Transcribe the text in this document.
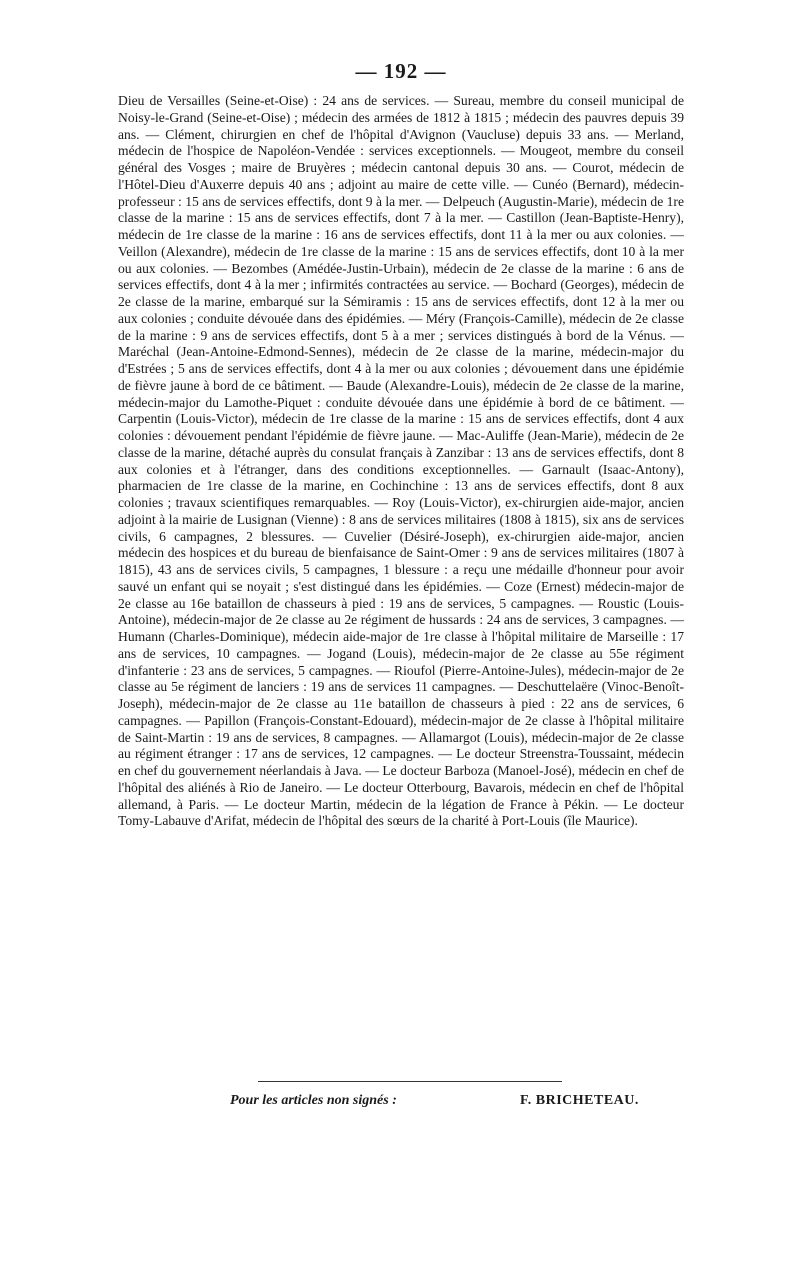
— 192 —

Dieu de Versailles (Seine-et-Oise) : 24 ans de services. — Sureau, membre du conseil municipal de Noisy-le-Grand (Seine-et-Oise) ; médecin des armées de 1812 à 1815 ; médecin des pauvres depuis 39 ans. — Clément, chirurgien en chef de l'hôpital d'Avignon (Vaucluse) depuis 33 ans. — Merland, médecin de l'hospice de Napoléon-Vendée : services exceptionnels. — Mougeot, membre du conseil général des Vosges ; maire de Bruyères ; médecin cantonal depuis 30 ans. — Courot, médecin de l'Hôtel-Dieu d'Auxerre depuis 40 ans ; adjoint au maire de cette ville. — Cunéo (Bernard), médecin-professeur : 15 ans de services effectifs, dont 9 à la mer. — Delpeuch (Augustin-Marie), médecin de 1re classe de la marine : 15 ans de services effectifs, dont 7 à la mer. — Castillon (Jean-Baptiste-Henry), médecin de 1re classe de la marine : 16 ans de services effectifs, dont 11 à la mer ou aux colonies. — Veillon (Alexandre), médecin de 1re classe de la marine : 15 ans de services effectifs, dont 10 à la mer ou aux colonies. — Bezombes (Amédée-Justin-Urbain), médecin de 2e classe de la marine : 6 ans de services effectifs, dont 4 à la mer ; infirmités contractées au service. — Bochard (Georges), médecin de 2e classe de la marine, embarqué sur la Sémiramis : 15 ans de services effectifs, dont 12 à la mer ou aux colonies ; conduite dévouée dans des épidémies. — Méry (François-Camille), médecin de 2e classe de la marine : 9 ans de services effectifs, dont 5 à a mer ; services distingués à bord de la Vénus. — Maréchal (Jean-Antoine-Edmond-Sennes), médecin de 2e classe de la marine, médecin-major du d'Estrées ; 5 ans de services effectifs, dont 4 à la mer ou aux colonies ; dévouement dans une épidémie de fièvre jaune à bord de ce bâtiment. — Baude (Alexandre-Louis), médecin de 2e classe de la marine, médecin-major du Lamothe-Piquet : conduite dévouée dans une épidémie à bord de ce bâtiment. — Carpentin (Louis-Victor), médecin de 1re classe de la marine : 15 ans de services effectifs, dont 4 aux colonies : dévouement pendant l'épidémie de fièvre jaune. — Mac-Auliffe (Jean-Marie), médecin de 2e classe de la marine, détaché auprès du consulat français à Zanzibar : 13 ans de services effectifs, dont 8 aux colonies et à l'étranger, dans des conditions exceptionnelles. — Garnault (Isaac-Antony), pharmacien de 1re classe de la marine, en Cochinchine : 13 ans de services effectifs, dont 8 aux colonies ; travaux scientifiques remarquables. — Roy (Louis-Victor), ex-chirurgien aide-major, ancien adjoint à la mairie de Lusignan (Vienne) : 8 ans de services militaires (1808 à 1815), six ans de services civils, 6 campagnes, 2 blessures. — Cuvelier (Désiré-Joseph), ex-chirurgien aide-major, ancien médecin des hospices et du bureau de bienfaisance de Saint-Omer : 9 ans de services militaires (1807 à 1815), 43 ans de services civils, 5 campagnes, 1 blessure : a reçu une médaille d'honneur pour avoir sauvé un enfant qui se noyait ; s'est distingué dans les épidémies. — Coze (Ernest) médecin-major de 2e classe au 16e bataillon de chasseurs à pied : 19 ans de services, 5 campagnes. — Roustic (Louis-Antoine), médecin-major de 2e classe au 2e régiment de hussards : 24 ans de services, 3 campagnes. — Humann (Charles-Dominique), médecin aide-major de 1re classe à l'hôpital militaire de Marseille : 17 ans de services, 10 campagnes. — Jogand (Louis), médecin-major de 2e classe au 55e régiment d'infanterie : 23 ans de services, 5 campagnes. — Rioufol (Pierre-Antoine-Jules), médecin-major de 2e classe au 5e régiment de lanciers : 19 ans de services 11 campagnes. — Deschuttelaëre (Vinoc-Benoît-Joseph), médecin-major de 2e classe au 11e bataillon de chasseurs à pied : 22 ans de services, 6 campagnes. — Papillon (François-Constant-Edouard), médecin-major de 2e classe à l'hôpital militaire de Saint-Martin : 19 ans de services, 8 campagnes. — Allamargot (Louis), médecin-major de 2e classe au régiment étranger : 17 ans de services, 12 campagnes. — Le docteur Streenstra-Toussaint, médecin en chef du gouvernement néerlandais à Java. — Le docteur Barboza (Manoel-José), médecin en chef de l'hôpital des aliénés à Rio de Janeiro. — Le docteur Otterbourg, Bavarois, médecin en chef de l'hôpital allemand, à Paris. — Le docteur Martin, médecin de la légation de France à Pékin. — Le docteur Tomy-Labauve d'Arifat, médecin de l'hôpital des sœurs de la charité à Port-Louis (île Maurice).

Pour les articles non signés :	F. BRICHETEAU.
